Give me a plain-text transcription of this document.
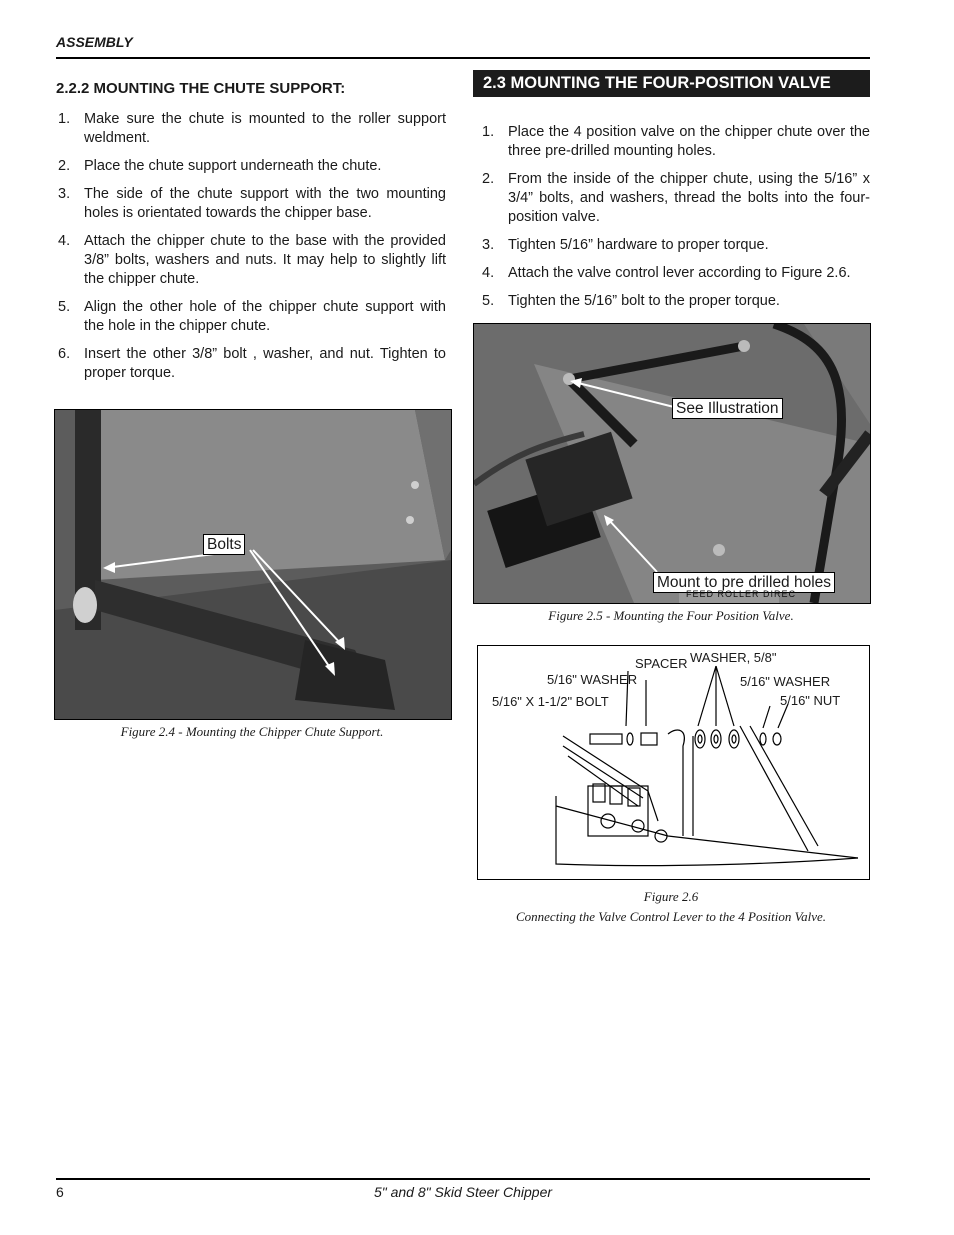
ASSEMBLY
2.2.2 MOUNTING THE CHUTE SUPPORT:
1. Make sure the chute is mounted to the roller support weldment.
2. Place the chute support underneath the chute.
3. The side of the chute support with the two mounting holes is orientated towards the chipper base.
4. Attach the chipper chute to the base with the provided 3/8” bolts, washers and nuts. It may help to slightly lift the chipper chute.
5. Align the other hole of the chipper chute support with the hole in the chipper chute.
6. Insert the other 3/8” bolt , washer, and nut. Tighten to proper torque.
Bolts
Figure 2.4 - Mounting the Chipper Chute Support.
2.3 MOUNTING THE FOUR-POSITION VALVE
1. Place the 4 position valve on the chipper chute over the three pre-drilled mounting holes.
2. From the inside of the chipper chute, using the 5/16” x 3/4” bolts, and washers, thread the bolts into the four-position valve.
3. Tighten 5/16” hardware to proper torque.
4. Attach the valve control lever according to Figure 2.6.
5. Tighten the 5/16” bolt to the proper torque.
See Illustration
Mount to pre drilled holes
FEED ROLLER DIREC
Figure 2.5 - Mounting the Four Position Valve.
SPACER WASHER, 5/8"
5/16" WASHER	5/16" WASHER
5/16" X 1-1/2" BOLT	5/16" NUT
Figure 2.6
Connecting the Valve Control Lever to the 4 Position Valve.
6	5" and 8" Skid Steer Chipper
